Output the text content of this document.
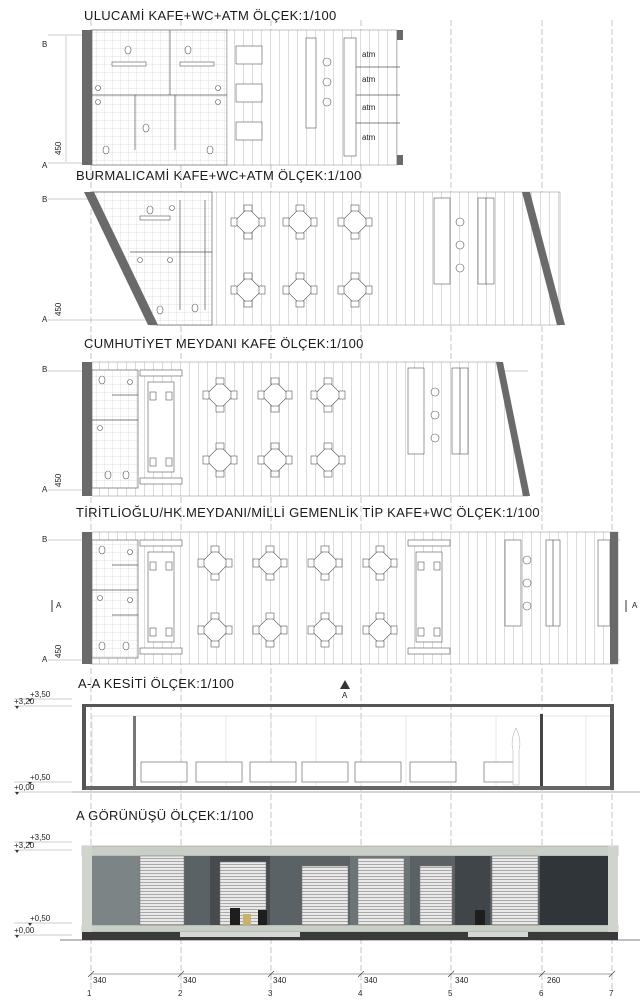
ULUCAMİ KAFE+WC+ATM ÖLÇEK:1/100
B
A
450
atm
atm
atm
atm
BURMALICAMİ KAFE+WC+ATM ÖLÇEK:1/100
B
A
450
CUMHUTİYET MEYDANI KAFE ÖLÇEK:1/100
B
A
450
TİRİTLİOĞLU/HK.MEYDANI/MİLLİ GEMENLİK TİP KAFE+WC ÖLÇEK:1/100
B
A
450
A	A
A-A KESİTİ ÖLÇEK:1/100
A
+3,50
+3,20
+0,50
+0,00
A GÖRÜNÜŞÜ ÖLÇEK:1/100
+3,50
+3,20
+0,50
+0,00
340	340	340	340	340	260
1	2	3	4	5	6	7
